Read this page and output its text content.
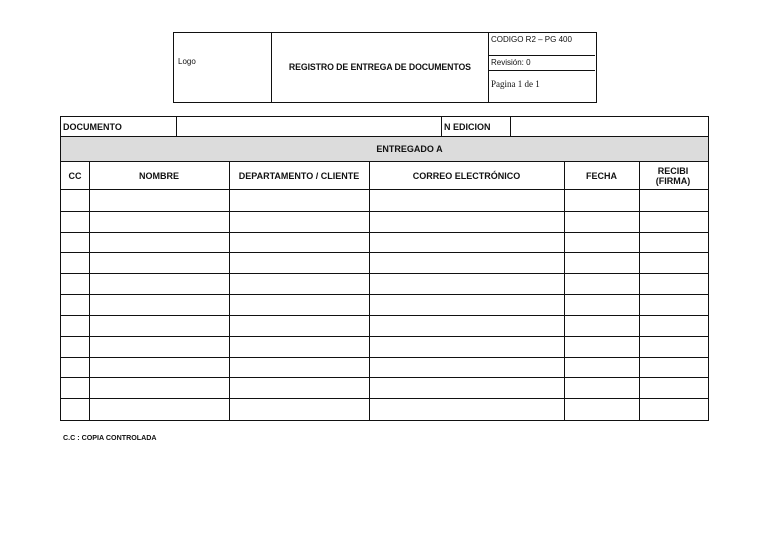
Logo
REGISTRO DE ENTREGA DE DOCUMENTOS
CODIGO R2 – PG 400
Revisión: 0
Pagina 1 de 1
DOCUMENTO	N EDICION
ENTREGADO A
CC	NOMBRE	DEPARTAMENTO / CLIENTE	CORREO ELECTRÓNICO	FECHA	RECIBI
(FIRMA)
C.C : COPIA CONTROLADA
